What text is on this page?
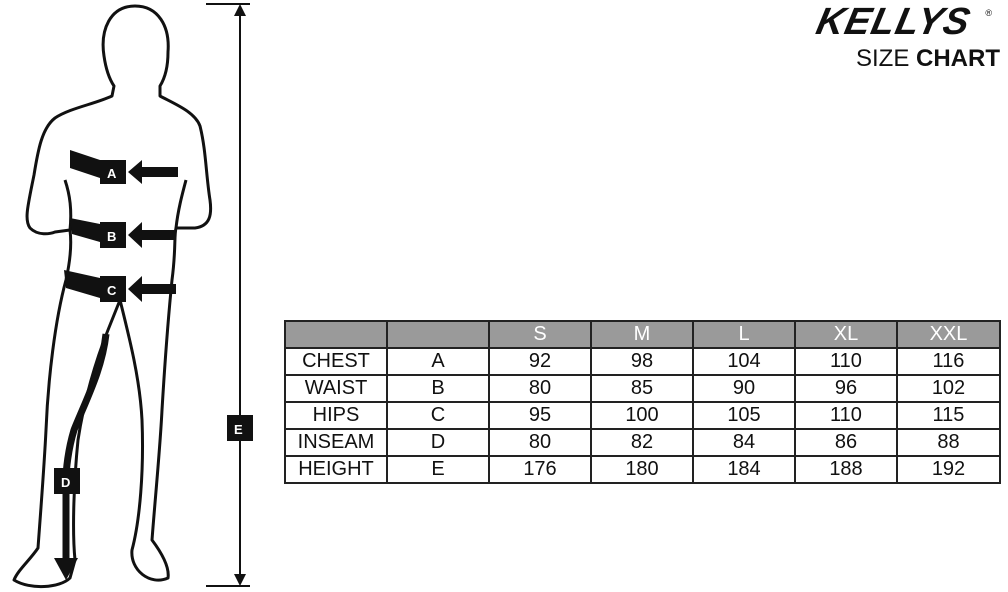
A
B
C
D
E
KELLYS ®
SIZE CHART
		S	M	L	XL	XXL
CHEST	A	92	98	104	110	116
WAIST	B	80	85	90	96	102
HIPS	C	95	100	105	110	115
INSEAM	D	80	82	84	86	88
HEIGHT	E	176	180	184	188	192
